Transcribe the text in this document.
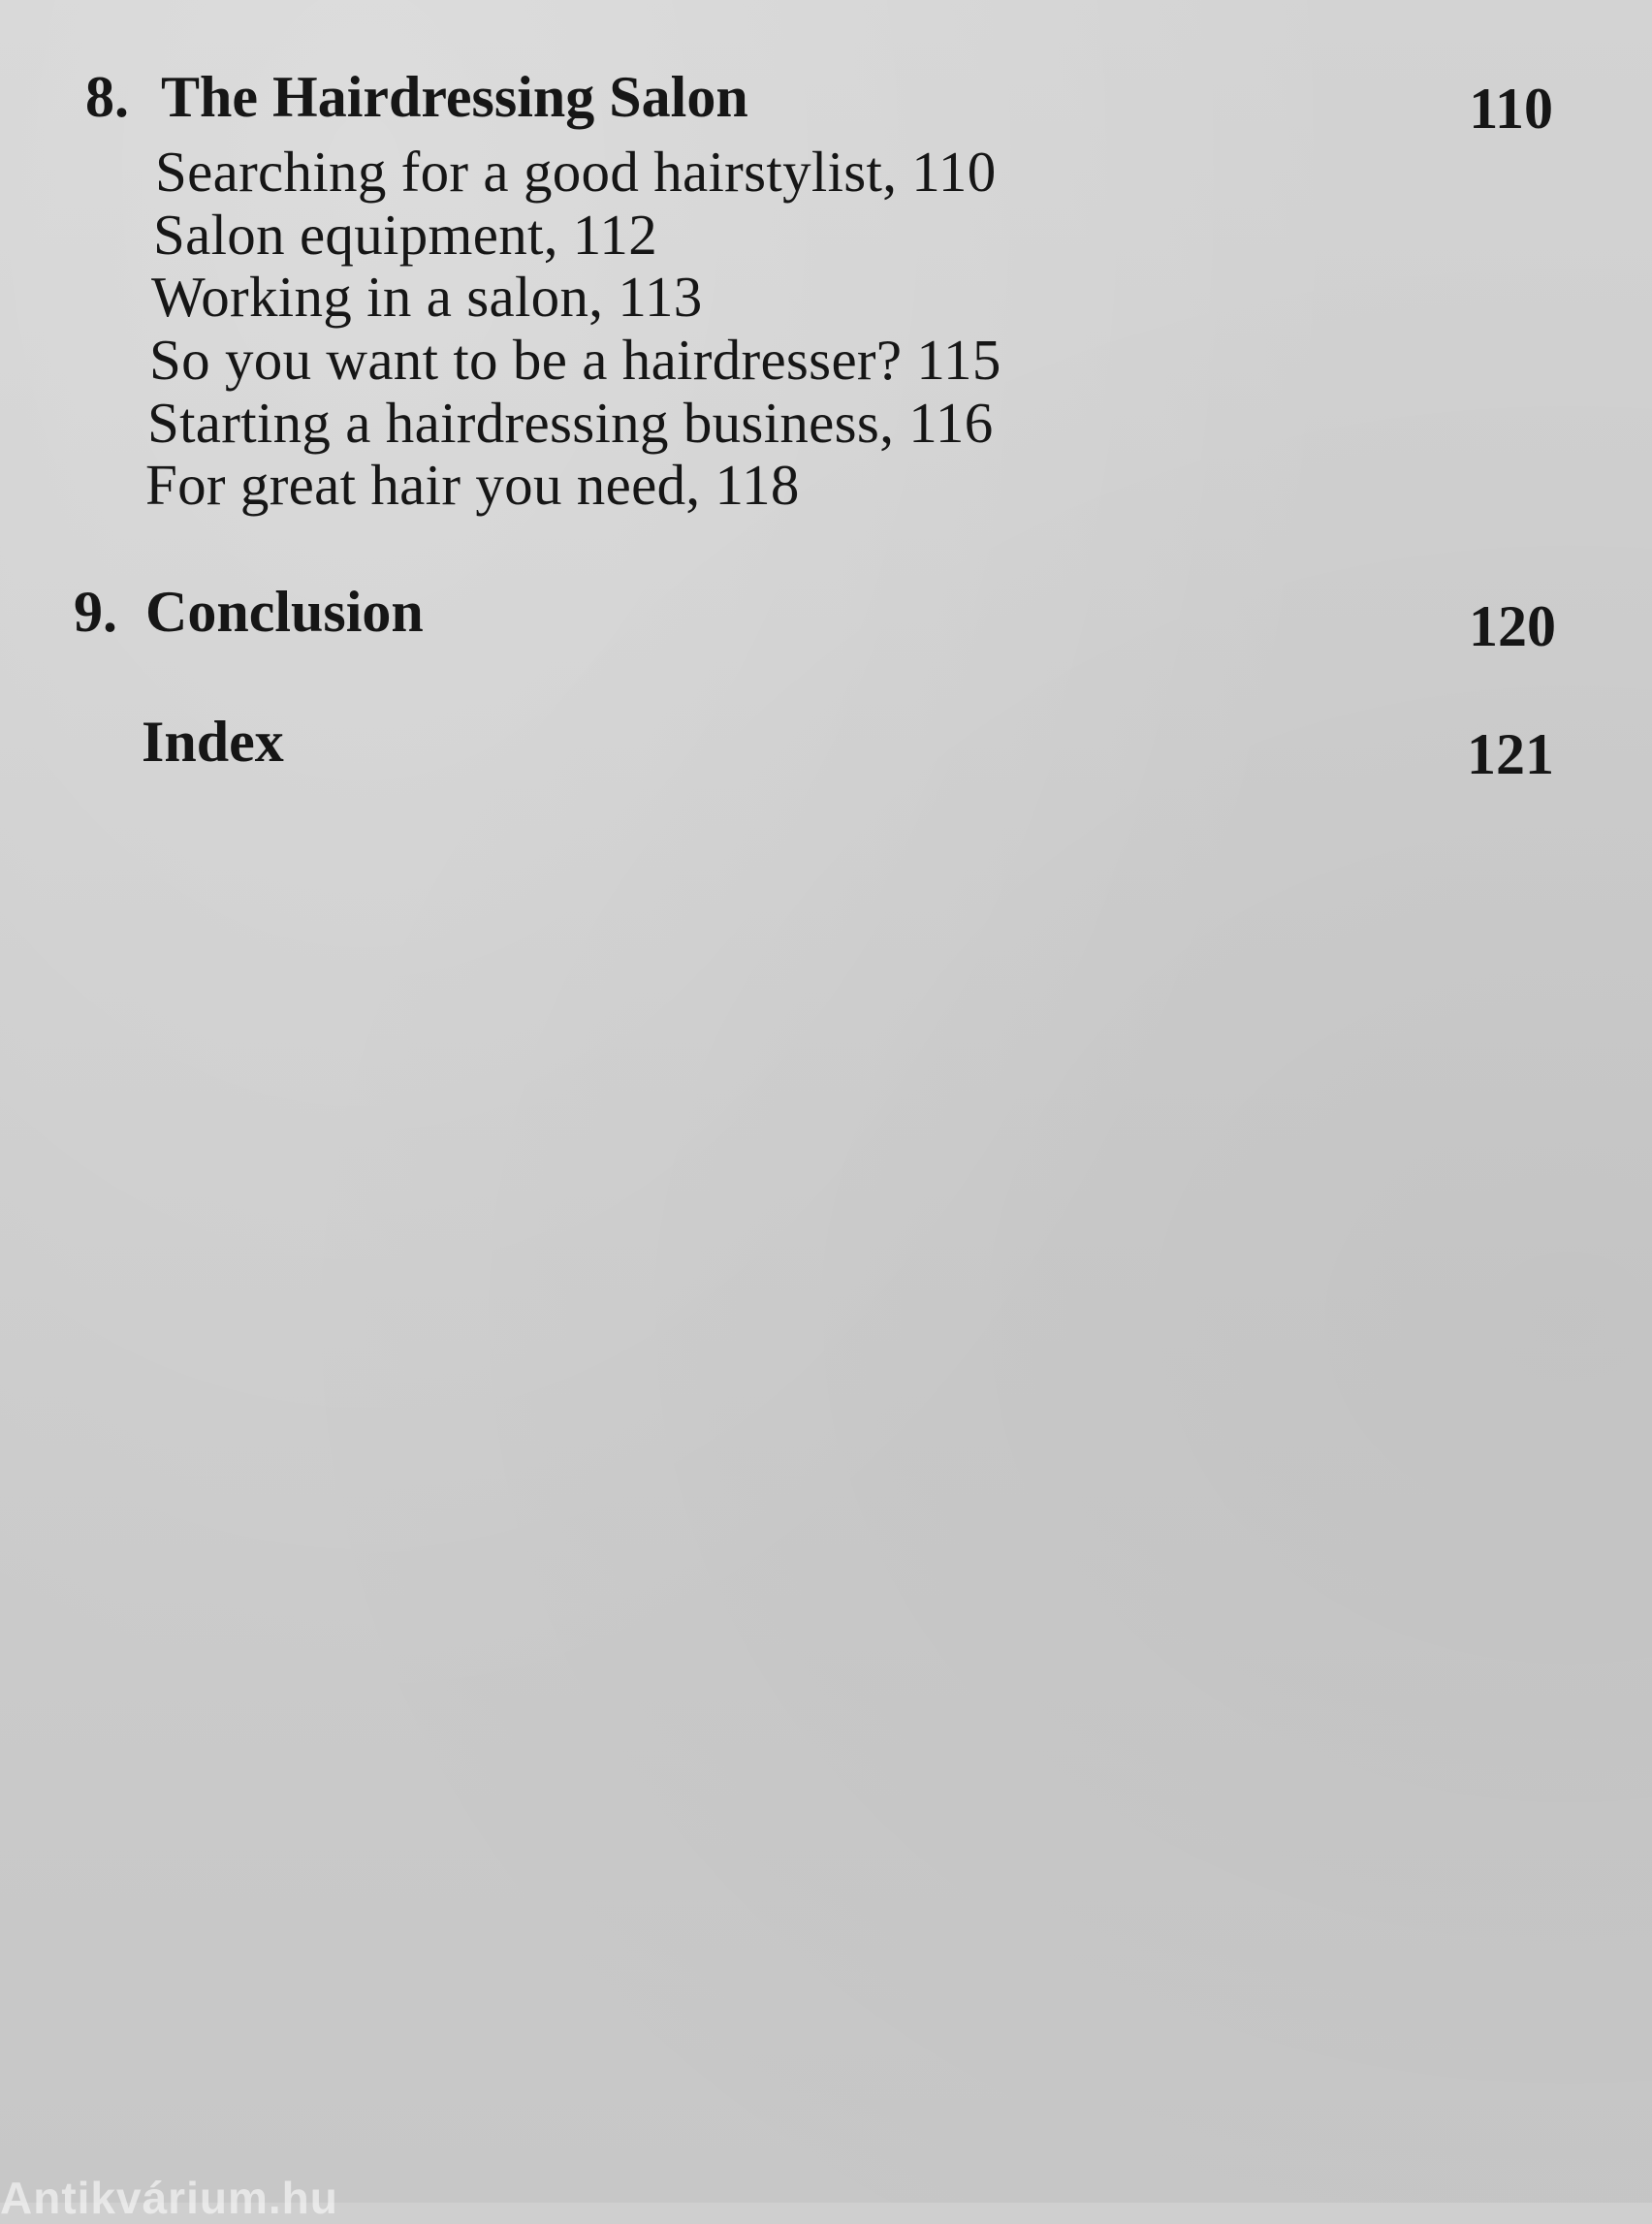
8. The Hairdressing Salon	110
Searching for a good hairstylist, 110
Salon equipment, 112
Working in a salon, 113
So you want to be a hairdresser? 115
Starting a hairdressing business, 116
For great hair you need, 118
9. Conclusion	120
Index	121
Antikvárium.hu
